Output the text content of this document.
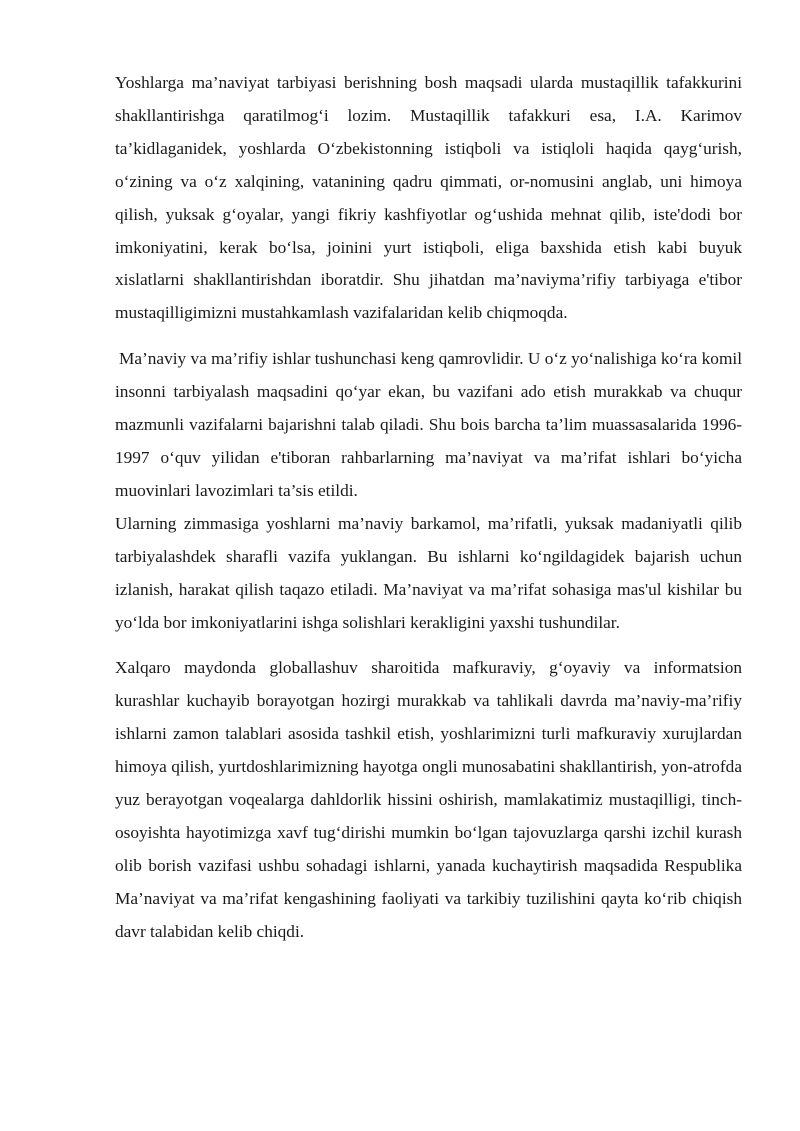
Yoshlarga ma’naviyat tarbiyasi berishning bosh maqsadi ularda mustaqillik tafakkurini shakllantirishga qaratilmog‘i lozim. Mustaqillik tafakkuri esa, I.A. Karimov ta’kidlaganidek, yoshlarda O‘zbekistonning istiqboli va istiqloli haqida qayg‘urish, o‘zining va o‘z xalqining, vatanining qadru qimmati, or-nomusini anglab, uni himoya qilish, yuksak g‘oyalar, yangi fikriy kashfiyotlar og‘ushida mehnat qilib, iste'dodi bor imkoniyatini, kerak bo‘lsa, joinini yurt istiqboli, eliga baxshida etish kabi buyuk xislatlarni shakllantirishdan iboratdir. Shu jihatdan ma’naviyma’rifiy tarbiyaga e'tibor mustaqilligimizni mustahkamlash vazifalaridan kelib chiqmoqda.

Ma’naviy va ma’rifiy ishlar tushunchasi keng qamrovlidir. U o‘z yo‘nalishiga ko‘ra komil insonni tarbiyalash maqsadini qo‘yar ekan, bu vazifani ado etish murakkab va chuqur mazmunli vazifalarni bajarishni talab qiladi. Shu bois barcha ta’lim muassasalarida 1996-1997 o‘quv yilidan e'tiboran rahbarlarning ma’naviyat va ma’rifat ishlari bo‘yicha muovinlari lavozimlari ta’sis etildi.

Ularning zimmasiga yoshlarni ma’naviy barkamol, ma’rifatli, yuksak madaniyatli qilib tarbiyalashdek sharafli vazifa yuklangan. Bu ishlarni ko‘ngildagidek bajarish uchun izlanish, harakat qilish taqazo etiladi. Ma’naviyat va ma’rifat sohasiga mas'ul kishilar bu yo‘lda bor imkoniyatlarini ishga solishlari kerakligini yaxshi tushundilar.

Xalqaro maydonda globallashuv sharoitida mafkuraviy, g‘oyaviy va informatsion kurashlar kuchayib borayotgan hozirgi murakkab va tahlikali davrda ma’naviy-ma’rifiy ishlarni zamon talablari asosida tashkil etish, yoshlarimizni turli mafkuraviy xurujlardan himoya qilish, yurtdoshlarimizning hayotga ongli munosabatini shakllantirish, yon-atrofda yuz berayotgan voqealarga dahldorlik hissini oshirish, mamlakatimiz mustaqilligi, tinch-osoyishta hayotimizga xavf tug‘dirishi mumkin bo‘lgan tajovuzlarga qarshi izchil kurash olib borish vazifasi ushbu sohadagi ishlarni, yanada kuchaytirish maqsadida Respublika Ma’naviyat va ma’rifat kengashining faoliyati va tarkibiy tuzilishini qayta ko‘rib chiqish davr talabidan kelib chiqdi.
